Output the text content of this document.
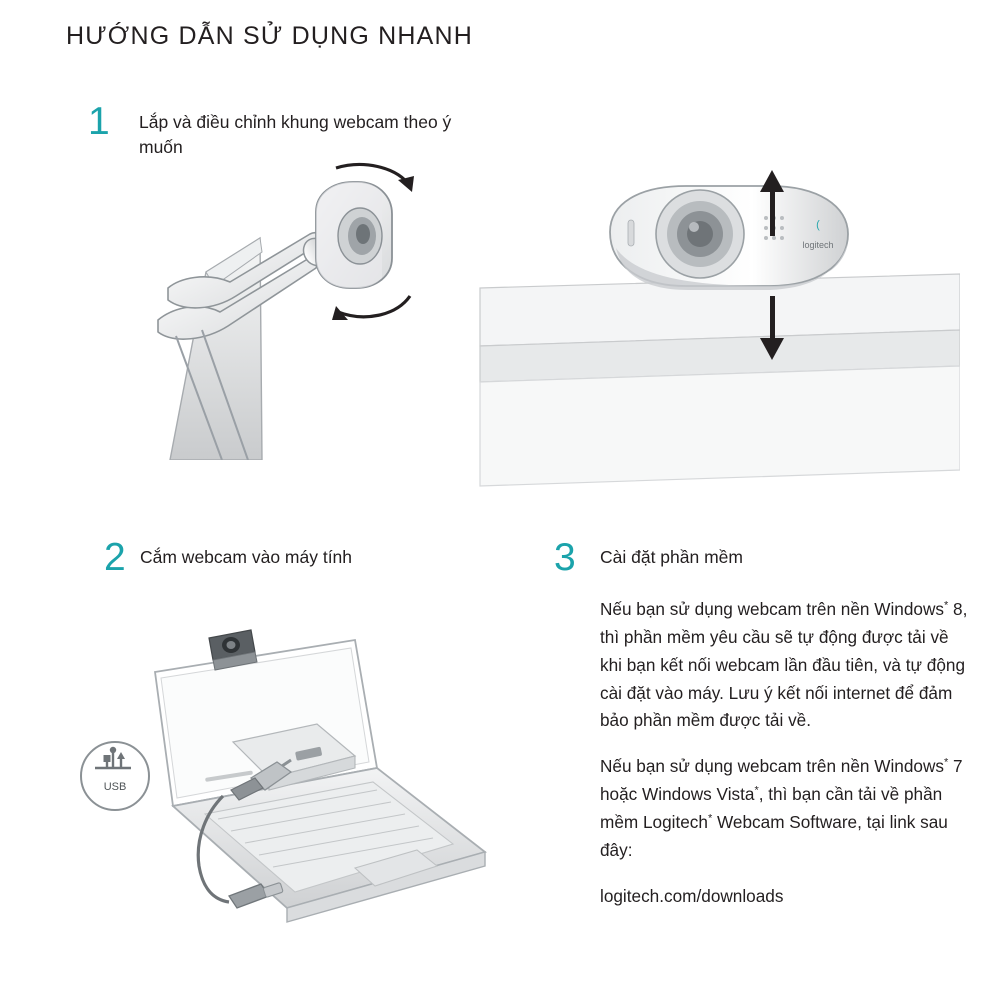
HƯỚNG DẪN SỬ DỤNG NHANH
1 Lắp và điều chỉnh khung webcam theo ý muốn
(
logitech
2 Cắm webcam vào máy tính
USB
3 Cài đặt phần mềm

Nếu bạn sử dụng webcam trên nền Windows* 8, thì phần mềm yêu cầu sẽ tự động được tải về khi bạn kết nối webcam lần đầu tiên, và tự động cài đặt vào máy. Lưu ý kết nối internet để đảm bảo phần mềm được tải về.

Nếu bạn sử dụng webcam trên nền Windows* 7 hoặc Windows Vista*, thì bạn cần tải về phần mềm Logitech* Webcam Software, tại link sau đây:

logitech.com/downloads
